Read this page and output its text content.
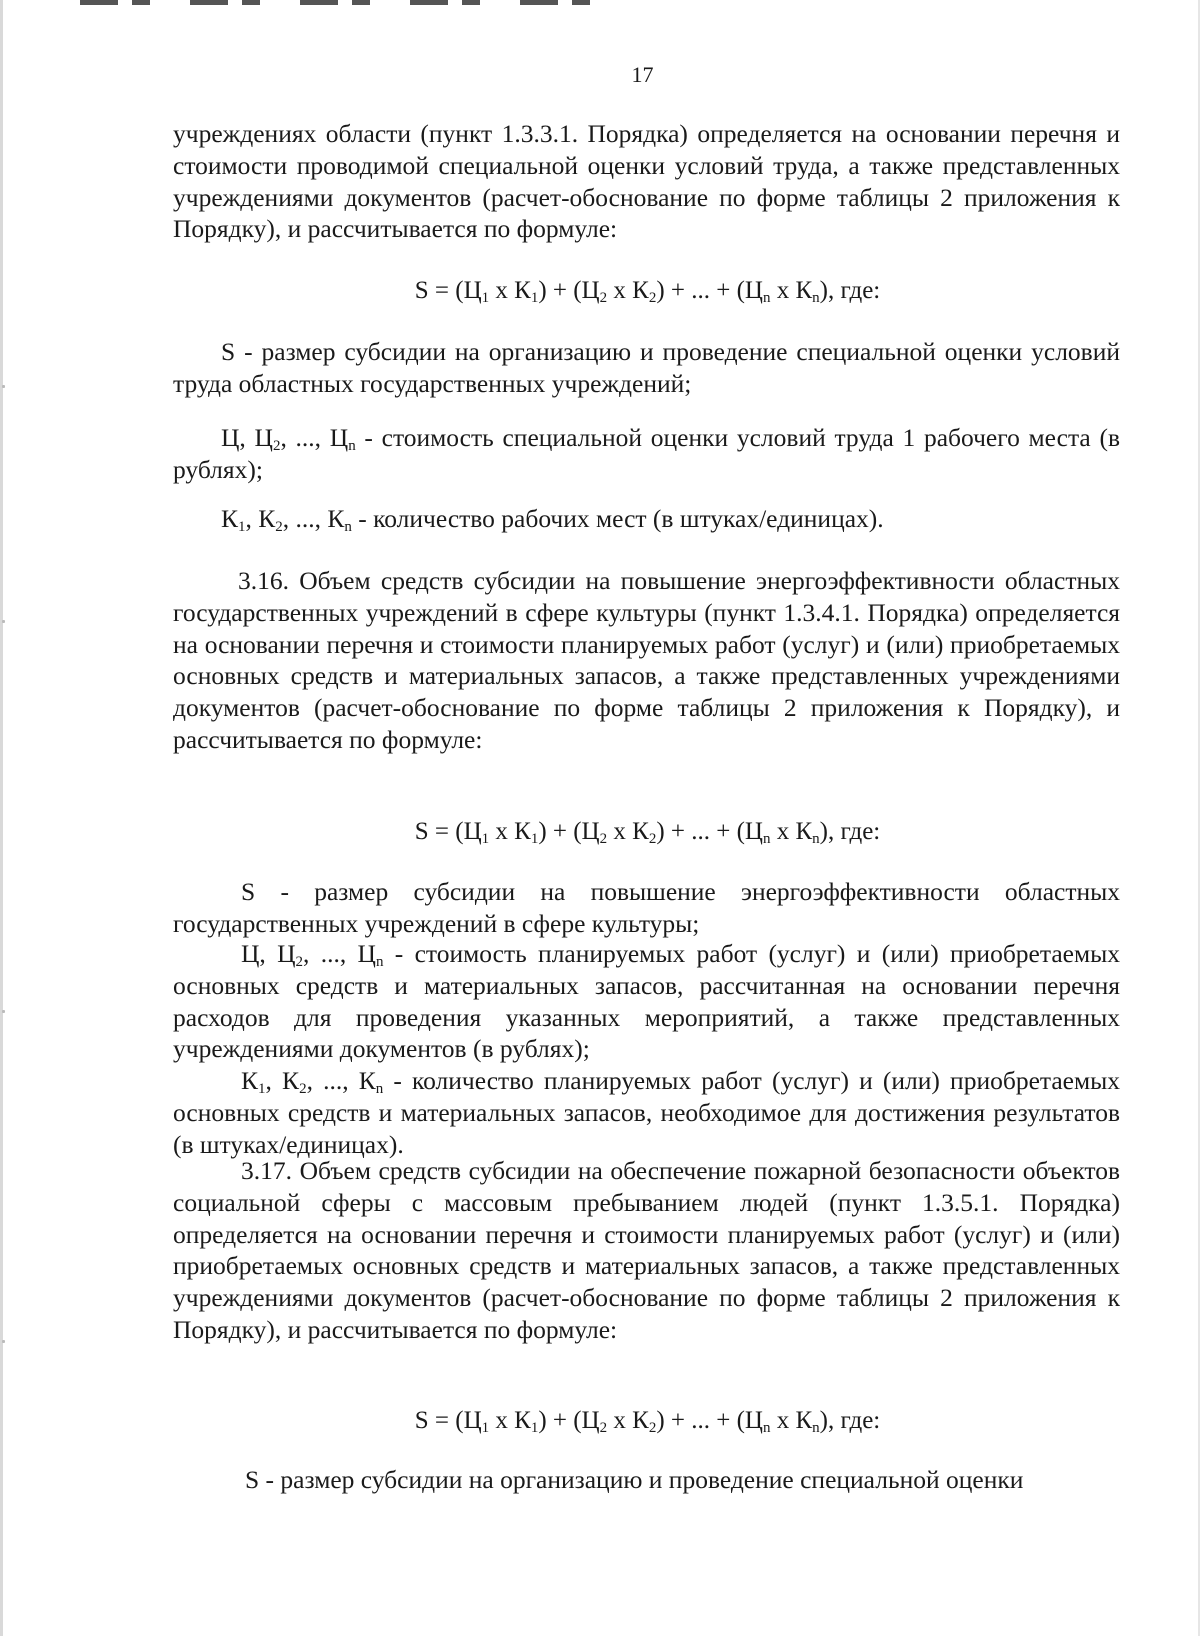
17

учреждениях области (пункт 1.3.3.1. Порядка) определяется на основании перечня и стоимости проводимой специальной оценки условий труда, а также представленных учреждениями документов (расчет-обоснование по форме таблицы 2 приложения к Порядку), и рассчитывается по формуле:

$S = (Ц_1$ x $К_1) + (Ц_2$ x $К_2$) + ... + ($Ц_n$ x $К_n$), где:

S - размер субсидии на организацию и проведение специальной оценки условий труда областных государственных учреждений;

Ц, $Ц_2$, ..., $Ц_n$ - стоимость специальной оценки условий труда 1 рабочего места (в рублях);

$К_1$, $К_2$, ..., $К_n$ - количество рабочих мест (в штуках/единицах).

3.16. Объем средств субсидии на повышение энергоэффективности областных государственных учреждений в сфере культуры (пункт 1.3.4.1. Порядка) определяется на основании перечня и стоимости планируемых работ (услуг) и (или) приобретаемых основных средств и материальных запасов, а также представленных учреждениями документов (расчет-обоснование по форме таблицы 2 приложения к Порядку), и рассчитывается по формуле:

$S = (Ц_1$ x $К_1) + (Ц_2$ x $К_2$) + ... + ($Ц_n$ x $К_n$), где:

S - размер субсидии на повышение энергоэффективности областных государственных учреждений в сфере культуры;

Ц, $Ц_2$, ..., $Ц_n$ - стоимость планируемых работ (услуг) и (или) приобретаемых основных средств и материальных запасов, рассчитанная на основании перечня расходов для проведения указанных мероприятий, а также представленных учреждениями документов (в рублях);

$К_1$, $К_2$, ..., $К_n$ - количество планируемых работ (услуг) и (или) приобретаемых основных средств и материальных запасов, необходимое для достижения результатов (в штуках/единицах).

3.17. Объем средств субсидии на обеспечение пожарной безопасности объектов социальной сферы с массовым пребыванием людей (пункт 1.3.5.1. Порядка) определяется на основании перечня и стоимости планируемых работ (услуг) и (или) приобретаемых основных средств и материальных запасов, а также представленных учреждениями документов (расчет-обоснование по форме таблицы 2 приложения к Порядку), и рассчитывается по формуле:

$S = (Ц_1$ x $К_1) + (Ц_2$ x $К_2$) + ... + ($Ц_n$ x $К_n$), где:

S - размер субсидии на организацию и проведение специальной оценки
